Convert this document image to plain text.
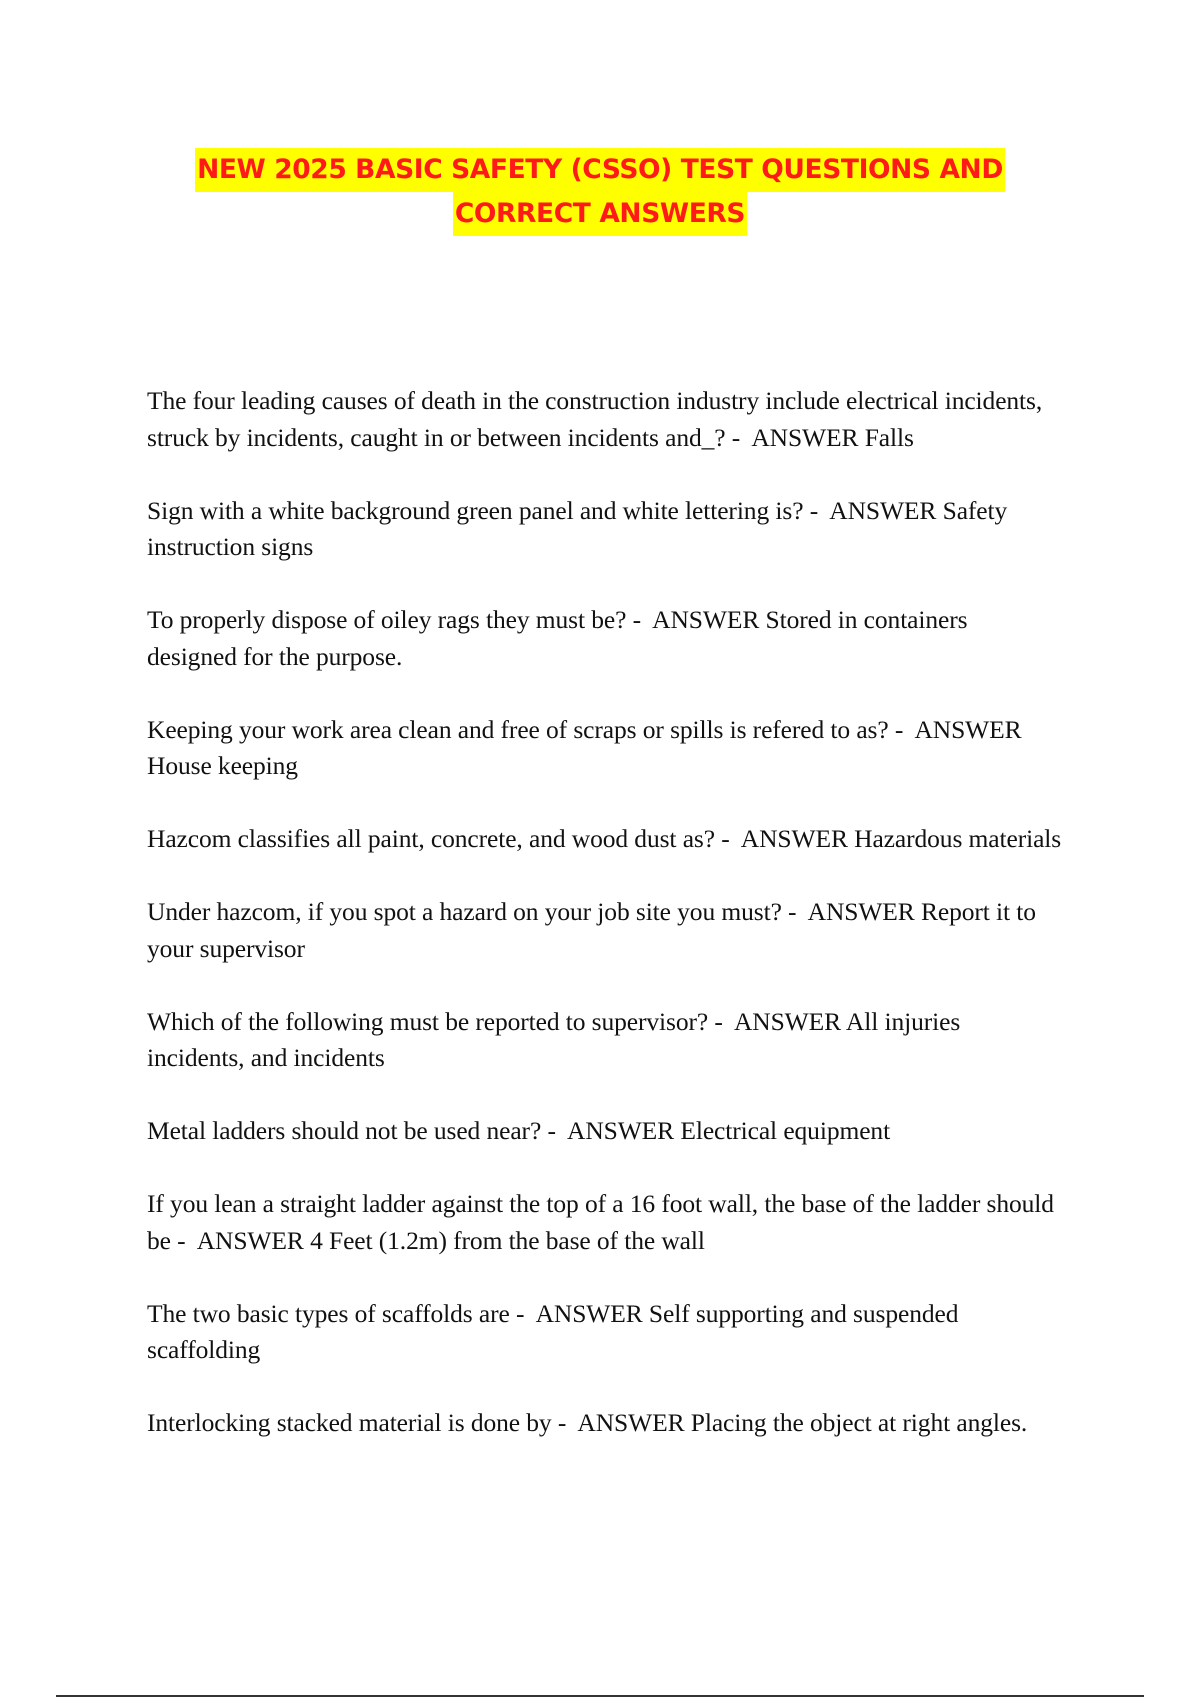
NEW 2025 BASIC SAFETY (CSSO) TEST QUESTIONS AND
CORRECT ANSWERS

The four leading causes of death in the construction industry include electrical incidents, struck by incidents, caught in or between incidents and_? - ANSWER Falls

Sign with a white background green panel and white lettering is? - ANSWER Safety instruction signs

To properly dispose of oiley rags they must be? - ANSWER Stored in containers designed for the purpose.

Keeping your work area clean and free of scraps or spills is refered to as? - ANSWER House keeping

Hazcom classifies all paint, concrete, and wood dust as? - ANSWER Hazardous materials

Under hazcom, if you spot a hazard on your job site you must? - ANSWER Report it to your supervisor

Which of the following must be reported to supervisor? - ANSWER All injuries incidents, and incidents

Metal ladders should not be used near? - ANSWER Electrical equipment

If you lean a straight ladder against the top of a 16 foot wall, the base of the ladder should be - ANSWER 4 Feet (1.2m) from the base of the wall

The two basic types of scaffolds are - ANSWER Self supporting and suspended scaffolding

Interlocking stacked material is done by - ANSWER Placing the object at right angles.
